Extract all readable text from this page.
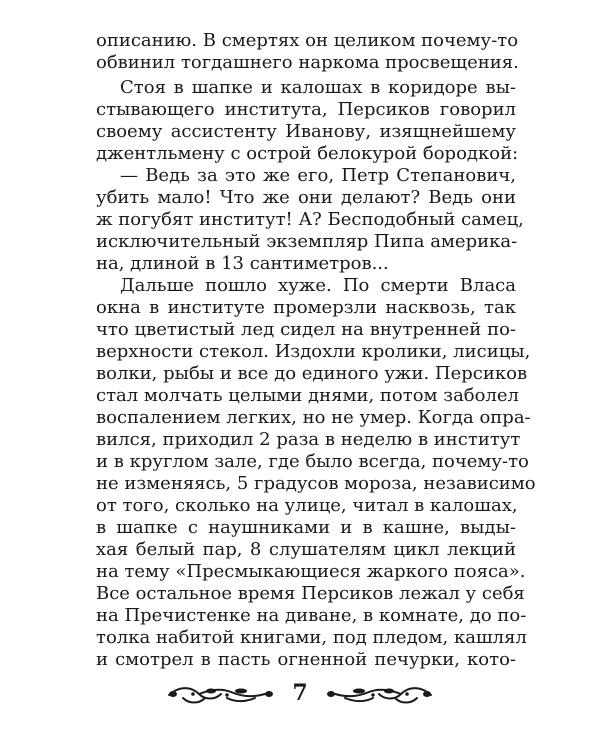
описанию. В смертях он целиком почему-то
обвинил тогдашнего наркома просвещения.
Стоя в шапке и калошах в коридоре вы-
стывающего института, Персиков говорил
своему ассистенту Иванову, изящнейшему
джентльмену с острой белокурой бородкой:
— Ведь за это же его, Петр Степанович,
убить мало! Что же они делают? Ведь они
ж погубят институт! А? Бесподобный самец,
исключительный экземпляр Пипа америка-
на, длиной в 13 сантиметров...
Дальше пошло хуже. По смерти Власа
окна в институте промерзли насквозь, так
что цветистый лед сидел на внутренней по-
верхности стекол. Издохли кролики, лисицы,
волки, рыбы и все до единого ужи. Персиков
стал молчать целыми днями, потом заболел
воспалением легких, но не умер. Когда опра-
вился, приходил 2 раза в неделю в институт
и в круглом зале, где было всегда, почему-то
не изменяясь, 5 градусов мороза, независимо
от того, сколько на улице, читал в калошах,
в шапке с наушниками и в кашне, выды-
хая белый пар, 8 слушателям цикл лекций
на тему «Пресмыкающиеся жаркого пояса».
Все остальное время Персиков лежал у себя
на Пречистенке на диване, в комнате, до по-
толка набитой книгами, под пледом, кашлял
и смотрел в пасть огненной печурки, кото-
7
